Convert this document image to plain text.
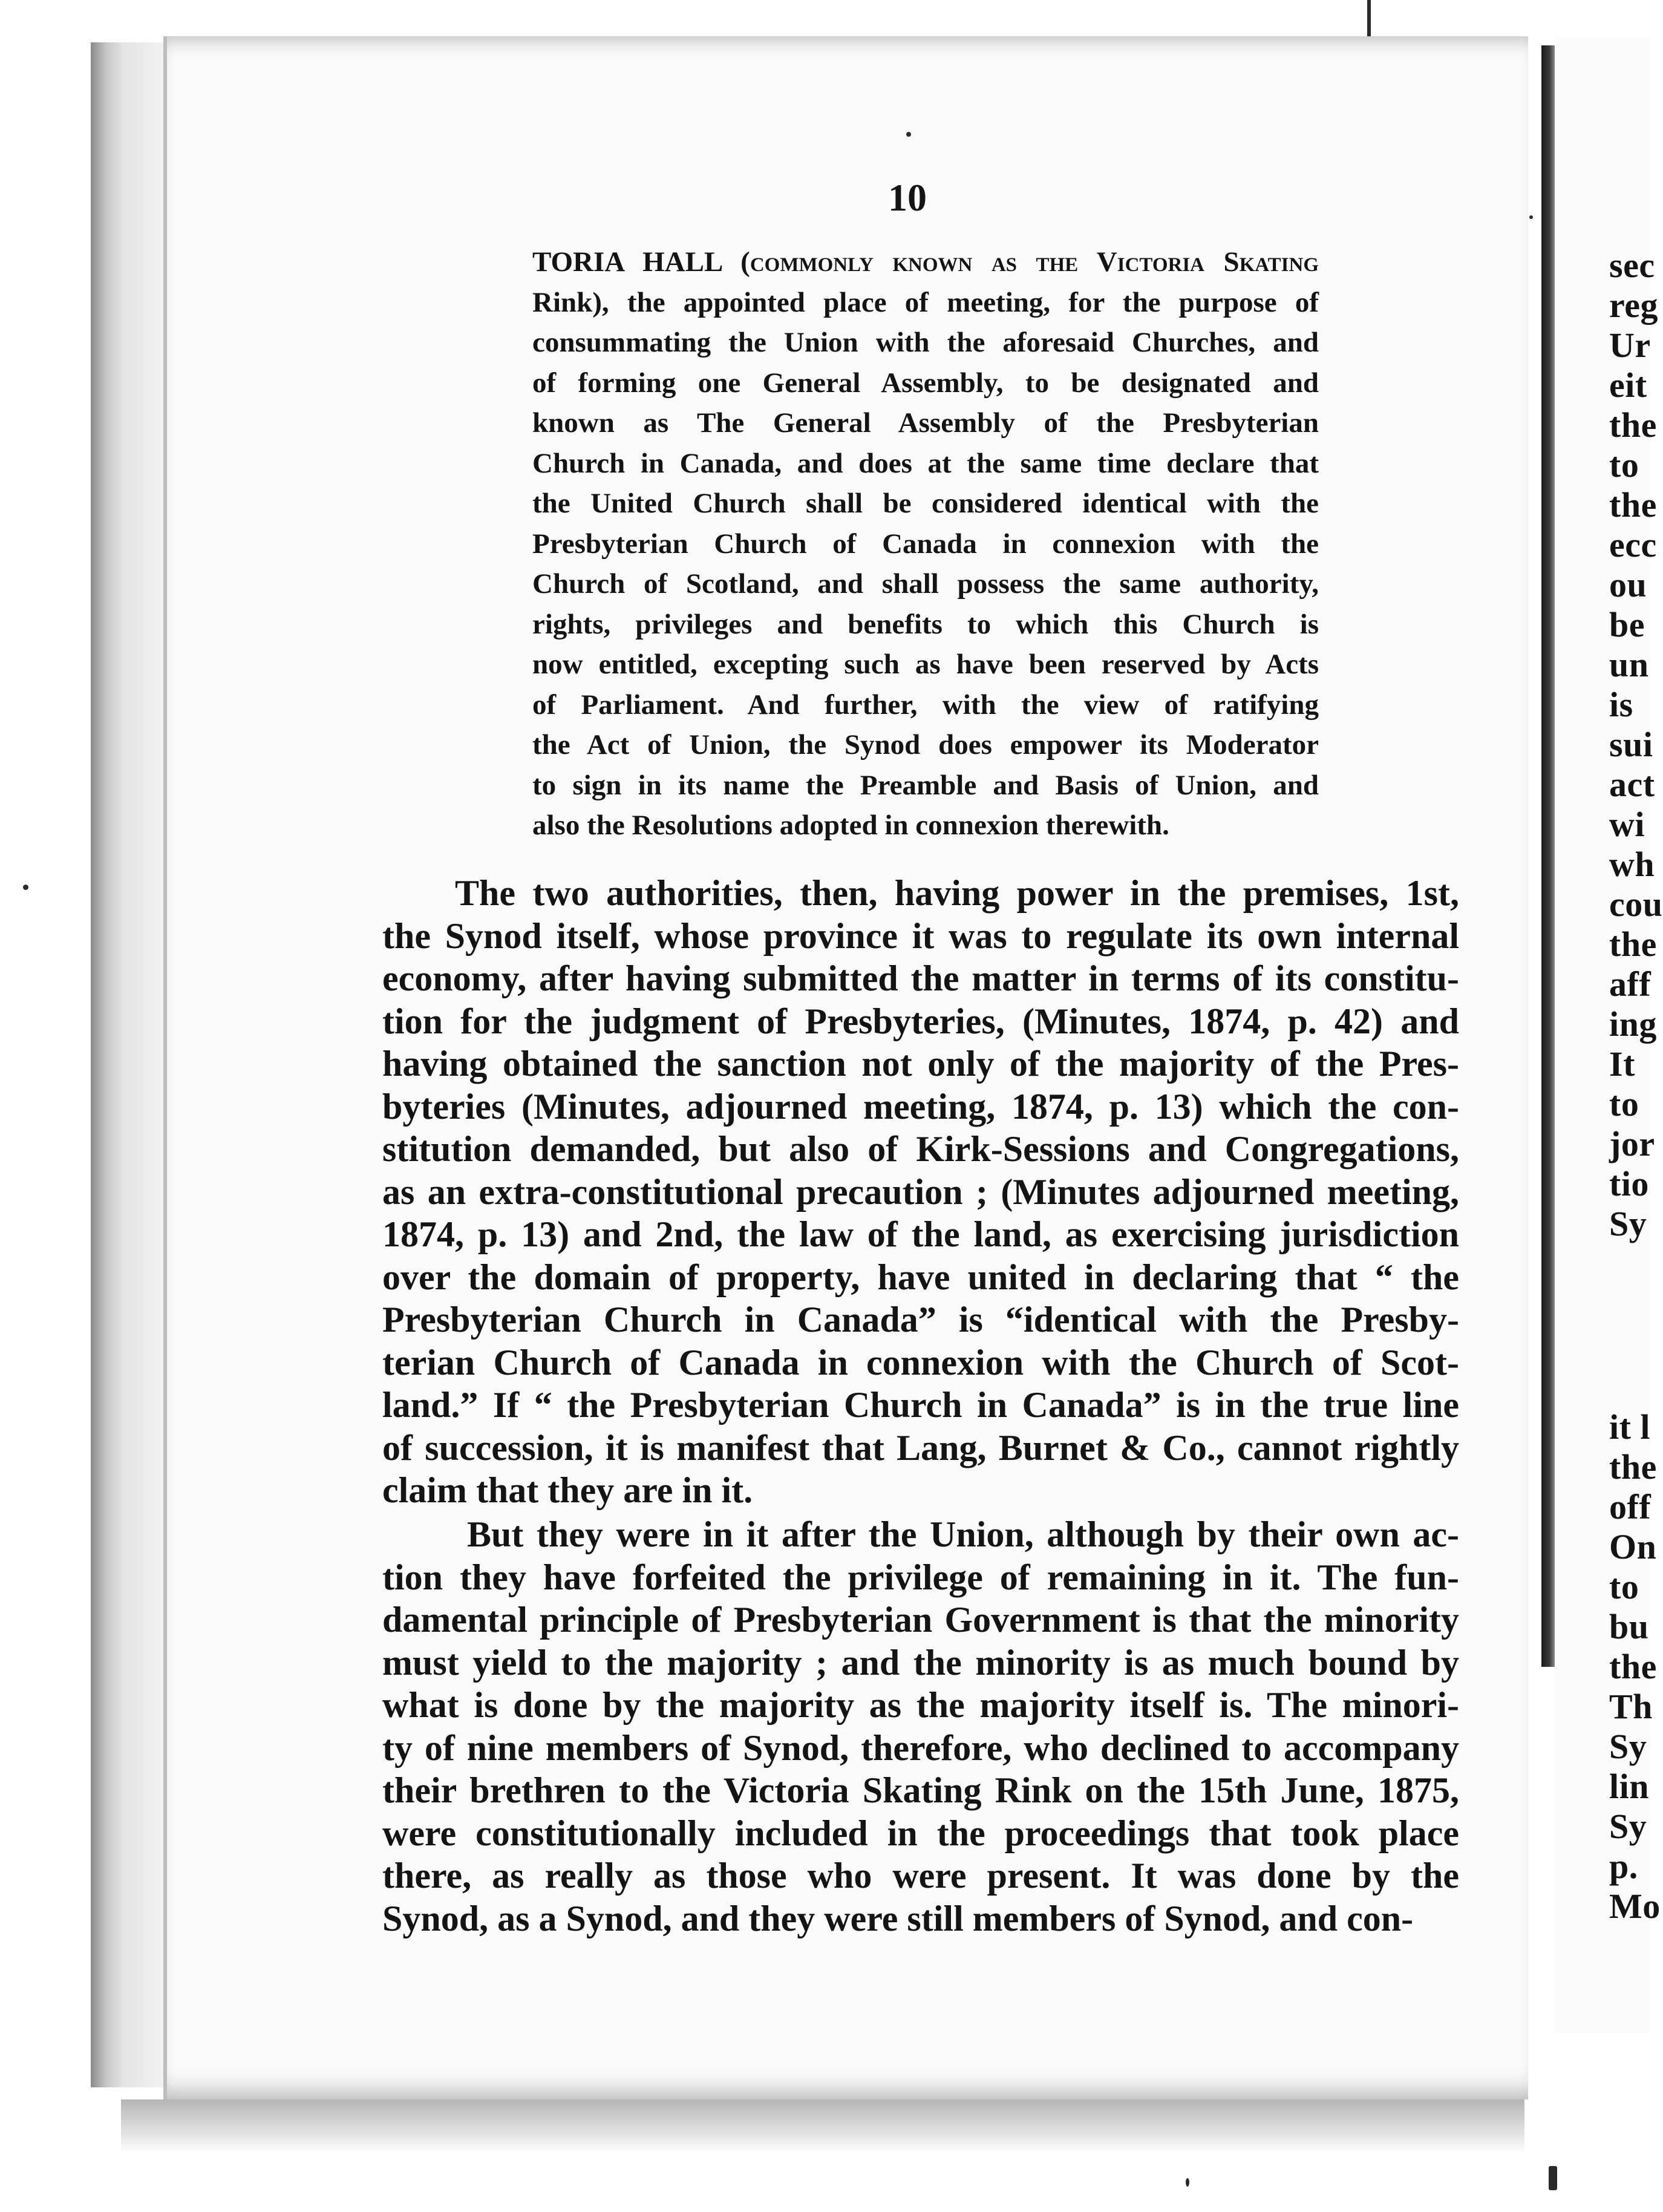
10
TORIA HALL (commonly known as the Victoria Skating
Rink), the appointed place of meeting, for the purpose of
consummating the Union with the aforesaid Churches, and
of forming one General Assembly, to be designated and
known as The General Assembly of the Presbyterian
Church in Canada, and does at the same time declare that
the United Church shall be considered identical with the
Presbyterian Church of Canada in connexion with the
Church of Scotland, and shall possess the same authority,
rights, privileges and benefits to which this Church is
now entitled, excepting such as have been reserved by Acts
of Parliament. And further, with the view of ratifying
the Act of Union, the Synod does empower its Moderator
to sign in its name the Preamble and Basis of Union, and
also the Resolutions adopted in connexion therewith.
The two authorities, then, having power in the premises, 1st,
the Synod itself, whose province it was to regulate its own internal
economy, after having submitted the matter in terms of its constitu-
tion for the judgment of Presbyteries, (Minutes, 1874, p. 42) and
having obtained the sanction not only of the majority of the Pres-
byteries (Minutes, adjourned meeting, 1874, p. 13) which the con-
stitution demanded, but also of Kirk-Sessions and Congregations,
as an extra-constitutional precaution ; (Minutes adjourned meeting,
1874, p. 13) and 2nd, the law of the land, as exercising jurisdiction
over the domain of property, have united in declaring that “ the
Presbyterian Church in Canada” is “identical with the Presby-
terian Church of Canada in connexion with the Church of Scot-
land.” If “ the Presbyterian Church in Canada” is in the true line
of succession, it is manifest that Lang, Burnet & Co., cannot rightly
claim that they are in it.
But they were in it after the Union, although by their own ac-
tion they have forfeited the privilege of remaining in it. The fun-
damental principle of Presbyterian Government is that the minority
must yield to the majority ; and the minority is as much bound by
what is done by the majority as the majority itself is. The minori-
ty of nine members of Synod, therefore, who declined to accompany
their brethren to the Victoria Skating Rink on the 15th June, 1875,
were constitutionally included in the proceedings that took place
there, as really as those who were present. It was done by the
Synod, as a Synod, and they were still members of Synod, and con-
sec
reg
Ur
eit
the
to
the
ecc
ou
be
un
is
sui
act
wi
wh
cou
the
aff
ing
It
to
jor
tio
Sy
it l
the
off
On
to
bu
the
Th
Sy
lin
Sy
p.
Mo
